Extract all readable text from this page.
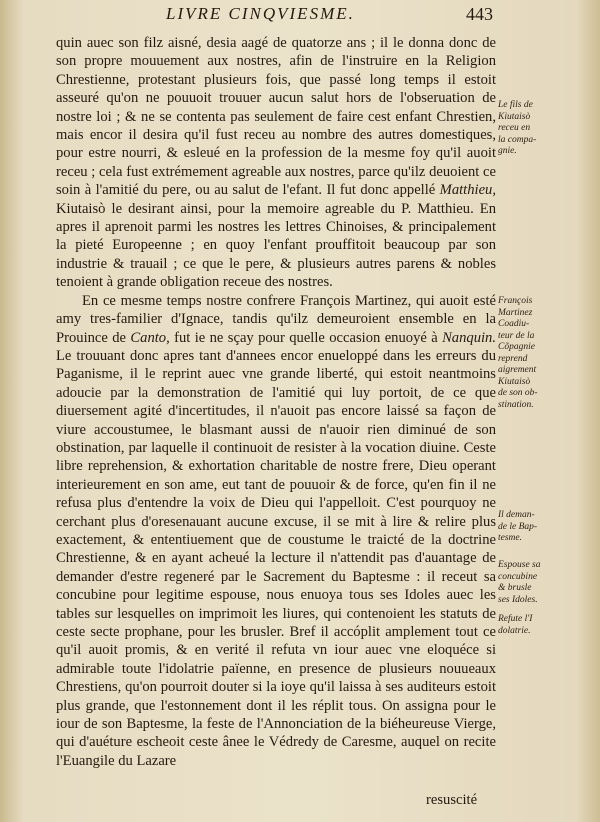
LIVRE CINQVIESME.	443

quin auec son filz aisné, desia aagé de quatorze ans ; il le donna donc de son propre mouuement aux nostres, afin de l'instruire en la Religion Chrestienne, protestant plusieurs fois, que passé long temps il estoit asseuré qu'on ne pouuoit trouuer aucun salut hors de l'obseruation de nostre loi ; & ne se contenta pas seulement de faire cest enfant Chrestien, mais encor il desira qu'il fust receu au nombre des autres domestiques, pour estre nourri, & esleué en la profession de la mesme foy qu'il auoit receu ; cela fust extrémement agreable aux nostres, parce qu'ilz deuoient ce soin à l'amitié du pere, ou au salut de l'efant. Il fut donc appellé Matthieu, Kiutaisò le desirant ainsi, pour la memoire agreable du P. Matthieu. En apres il aprenoit parmi les nostres les lettres Chinoises, & principalement la pieté Europeenne ; en quoy l'enfant prouffitoit beaucoup par son industrie & trauail ; ce que le pere, & plusieurs autres parens & nobles tenoient à grande obligation receue des nostres.

En ce mesme temps nostre confrere François Martinez, qui auoit esté amy tres-familier d'Ignace, tandis qu'ilz demeuroient ensemble en la Prouince de Canto, fut ie ne sçay pour quelle occasion enuoyé à Nanquin. Le trouuant donc apres tant d'annees encor enueloppé dans les erreurs du Paganisme, il le reprint auec vne grande liberté, qui estoit neantmoins adoucie par la demonstration de l'amitié qui luy portoit, de ce que diuersement agité d'incertitudes, il n'auoit pas encore laissé sa façon de viure accoustumee, le blasmant aussi de n'auoir rien diminué de son obstination, par laquelle il continuoit de resister à la vocation diuine. Ceste libre reprehension, & exhortation charitable de nostre frere, Dieu operant interieurement en son ame, eut tant de pouuoir & de force, qu'en fin il ne refusa plus d'entendre la voix de Dieu qui l'appelloit. C'est pourquoy ne cerchant plus d'oresenauant aucune excuse, il se mit à lire & relire plus exactement, & ententiuement que de coustume le traicté de la doctrine Chrestienne, & en ayant acheué la lecture il n'attendit pas d'auantage de demander d'estre regeneré par le Sacrement du Baptesme : il receut sa concubine pour legitime espouse, nous enuoya tous ses Idoles auec les tables sur lesquelles on imprimoit les liures, qui contenoient les statuts de ceste secte prophane, pour les brusler. Bref il accóplit amplement tout ce qu'il auoit promis, & en verité il refuta vn iour auec vne eloquéce si admirable toute l'idolatrie païenne, en presence de plusieurs nouueaux Chrestiens, qu'on pourroit douter si la ioye qu'il laissa à ses auditeurs estoit plus grande, que l'estonnement dont il les réplit tous. On assigna pour le iour de son Baptesme, la feste de l'Annonciation de la biéheureuse Vierge, qui d'auéture escheoit ceste ânee le Védredy de Caresme, auquel on recite l'Euangile du Lazare

Le fils de
Kiutaisò
receu en
la compa-
gnie.
François
Martinez
Coadiu-
teur de la
Cõpagnie
reprend
aigrement
Kiutaisò
de son ob-
stination.
Il deman-
de le Bap-
tesme.
Espouse sa
concubine
& brusle
ses Idoles.
Refute l'I
dolatrie.
resuscité
